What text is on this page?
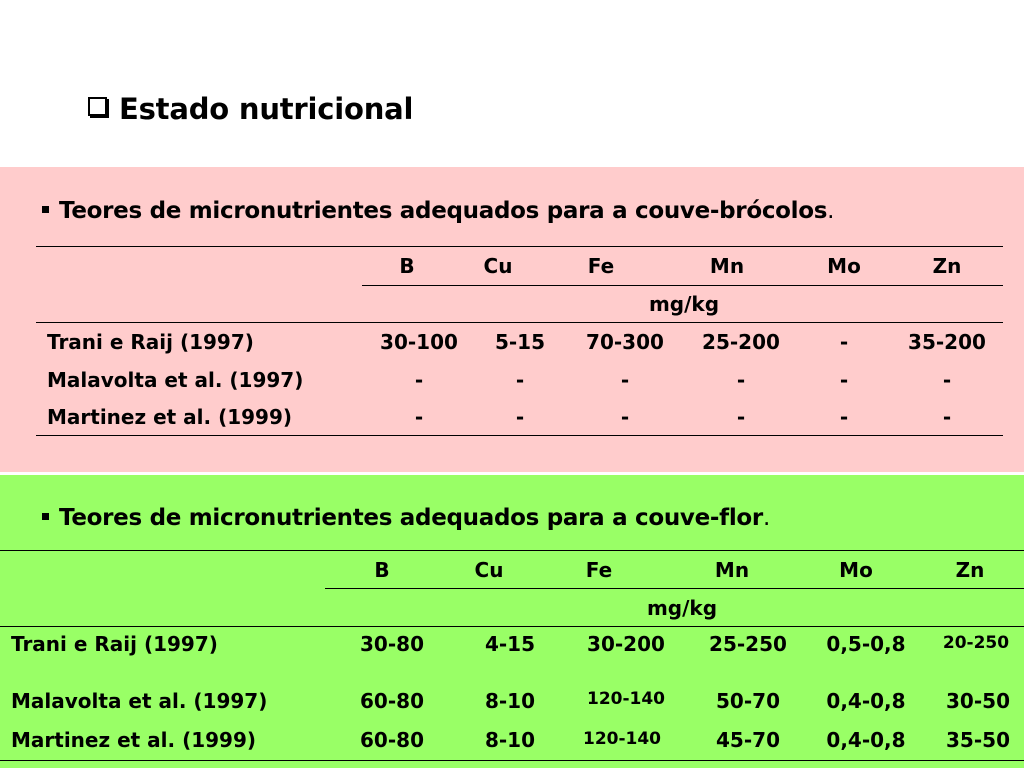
Estado nutricional
Teores de micronutrientes adequados para a couve-brócolos.
B	Cu	Fe	Mn	Mo	Zn
mg/kg
Trani e Raij (1997)	30-100	5-15	70-300	25-200	-	35-200
Malavolta et al. (1997)	-	-	-	-	-	-
Martinez et al. (1999)	-	-	-	-	-	-
Teores de micronutrientes adequados para a couve-flor.
B	Cu	Fe	Mn	Mo	Zn
mg/kg
Trani e Raij (1997)	30-80	4-15	30-200	25-250	0,5-0,8	20-250
Malavolta et al. (1997)	60-80	8-10	120-140	50-70	0,4-0,8	30-50
Martinez et al. (1999)	60-80	8-10	120-140	45-70	0,4-0,8	35-50
